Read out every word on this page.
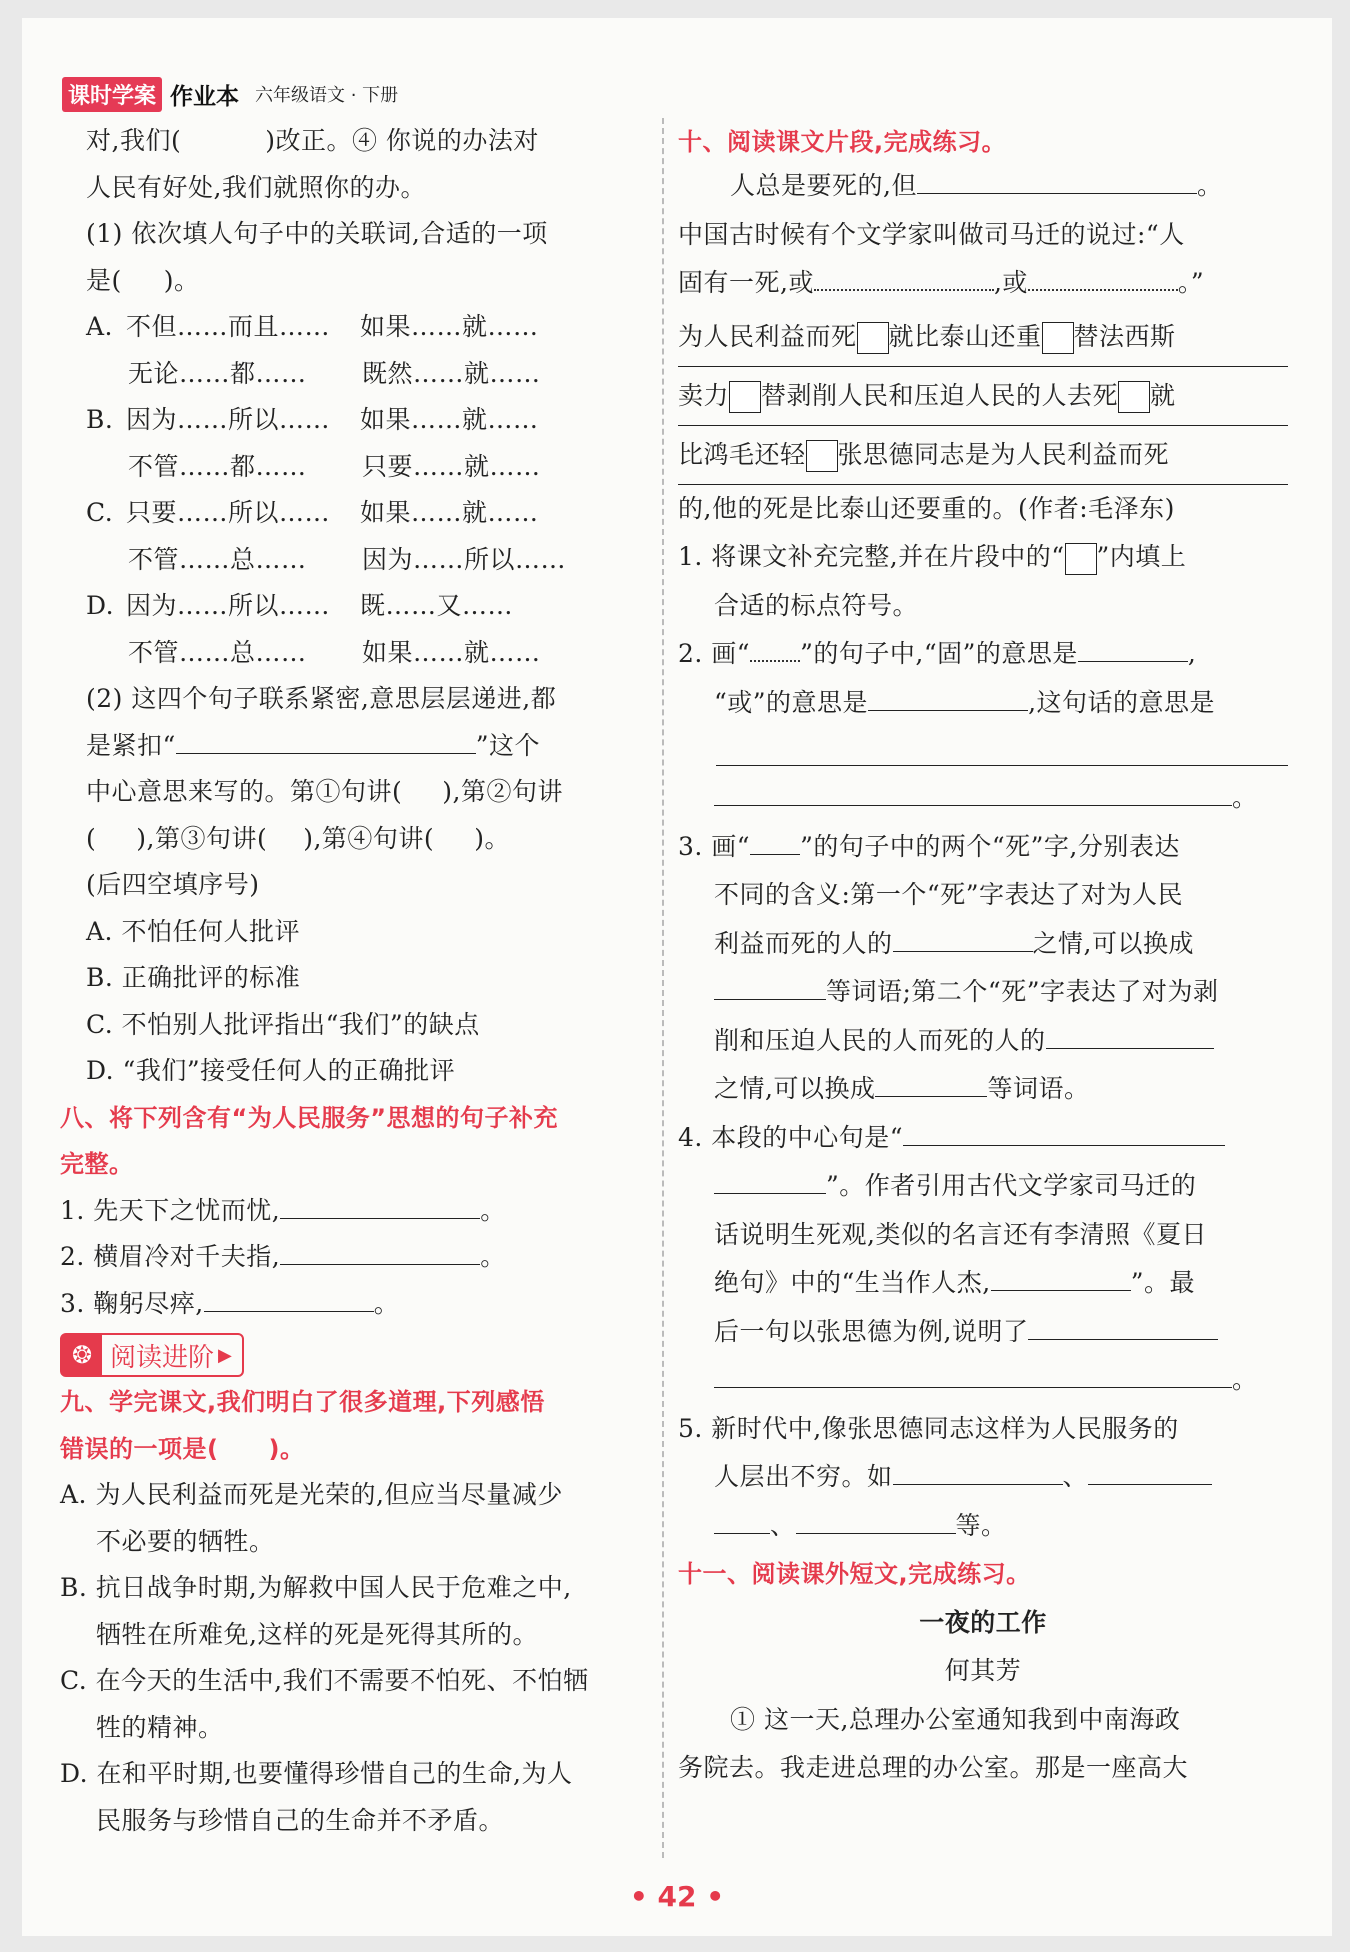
课时学案 作业本 六年级语文 · 下册
对,我们(	)改正。④ 你说的办法对
人民有好处,我们就照你的办。
(1) 依次填人句子中的关联词,合适的一项
是( )。
A. 不但……而且……	如果……就……
无论……都……	既然……就……
B. 因为……所以……	如果……就……
不管……都……	只要……就……
C. 只要……所以……	如果……就……
不管……总……	因为……所以……
D. 因为……所以……	既……又……
不管……总……	如果……就……
(2) 这四个句子联系紧密,意思层层递进,都
是紧扣“	”这个
中心意思来写的。第①句讲( ),第②句讲
( ),第③句讲( ),第④句讲( )。
(后四空填序号)
A. 不怕任何人批评
B. 正确批评的标准
C. 不怕别人批评指出“我们”的缺点
D. “我们”接受任何人的正确批评
八、将下列含有“为人民服务”思想的句子补充
完整。
1. 先天下之忧而忧,	。
2. 横眉冷对千夫指,	。
3. 鞠躬尽瘁,	。
❂ 阅读进阶 ▶
九、学完课文,我们明白了很多道理,下列感悟
错误的一项是( )。
A. 为人民利益而死是光荣的,但应当尽量减少
不必要的牺牲。
B. 抗日战争时期,为解救中国人民于危难之中,
牺牲在所难免,这样的死是死得其所的。
C. 在今天的生活中,我们不需要不怕死、不怕牺
牲的精神。
D. 在和平时期,也要懂得珍惜自己的生命,为人
民服务与珍惜自己的生命并不矛盾。
十、阅读课文片段,完成练习。
人总是要死的,但	。
中国古时候有个文学家叫做司马迁的说过:“人
固有一死,或	,或	。”
为人民利益而死 就比泰山还重 替法西斯
卖力 替剥削人民和压迫人民的人去死 就
比鸿毛还轻 张思德同志是为人民利益而死
的,他的死是比泰山还要重的。(作者:毛泽东)
1. 将课文补充完整,并在片段中的“ ”内填上
合适的标点符号。
2. 画“ ”的句子中,“固”的意思是	,
“或”的意思是	,这句话的意思是
。
3. 画“ ”的句子中的两个“死”字,分别表达
不同的含义:第一个“死”字表达了对为人民
利益而死的人的	之情,可以换成
等词语;第二个“死”字表达了对为剥
削和压迫人民的人而死的人的
之情,可以换成	等词语。
4. 本段的中心句是“
”。作者引用古代文学家司马迁的
话说明生死观,类似的名言还有李清照《夏日
绝句》中的“生当作人杰,	”。最
后一句以张思德为例,说明了
。
5. 新时代中,像张思德同志这样为人民服务的
人层出不穷。如	、
、	等。
十一、阅读课外短文,完成练习。
一夜的工作
何其芳
① 这一天,总理办公室通知我到中南海政
务院去。我走进总理的办公室。那是一座高大
• 42 •
